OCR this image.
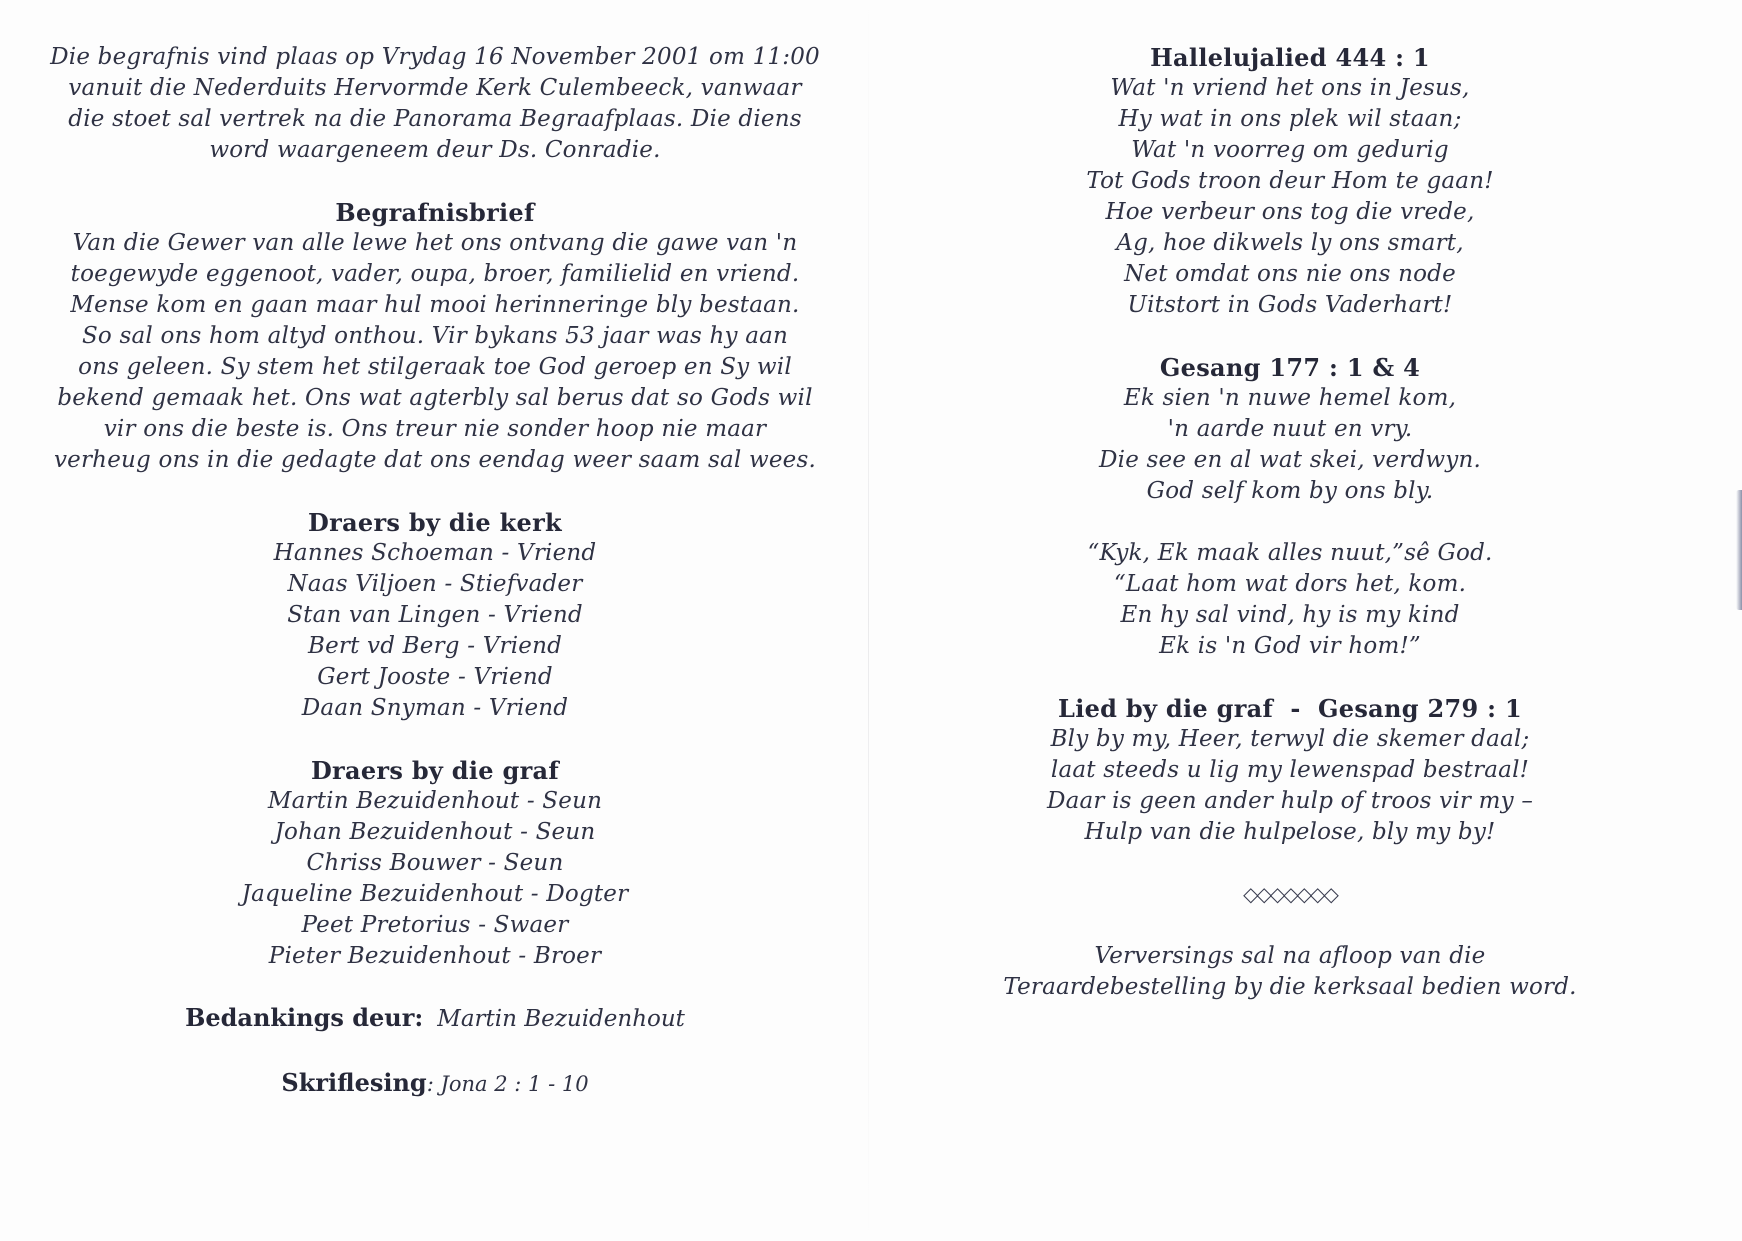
Die begrafnis vind plaas op Vrydag 16 November 2001 om 11:00
vanuit die Nederduits Hervormde Kerk Culembeeck, vanwaar
die stoet sal vertrek na die Panorama Begraafplaas. Die diens
word waargeneem deur Ds. Conradie.
Begrafnisbrief
Van die Gewer van alle lewe het ons ontvang die gawe van 'n
toegewyde eggenoot, vader, oupa, broer, familielid en vriend.
Mense kom en gaan maar hul mooi herinneringe bly bestaan.
So sal ons hom altyd onthou. Vir bykans 53 jaar was hy aan
ons geleen. Sy stem het stilgeraak toe God geroep en Sy wil
bekend gemaak het. Ons wat agterbly sal berus dat so Gods wil
vir ons die beste is. Ons treur nie sonder hoop nie maar
verheug ons in die gedagte dat ons eendag weer saam sal wees.
Draers by die kerk
Hannes Schoeman - Vriend
Naas Viljoen - Stiefvader
Stan van Lingen - Vriend
Bert vd Berg - Vriend
Gert Jooste - Vriend
Daan Snyman - Vriend
Draers by die graf
Martin Bezuidenhout - Seun
Johan Bezuidenhout - Seun
Chriss Bouwer - Seun
Jaqueline Bezuidenhout - Dogter
Peet Pretorius - Swaer
Pieter Bezuidenhout - Broer
Bedankings deur: Martin Bezuidenhout
Skriflesing: Jona 2 : 1 - 10
Hallelujalied 444 : 1
Wat 'n vriend het ons in Jesus,
Hy wat in ons plek wil staan;
Wat 'n voorreg om gedurig
Tot Gods troon deur Hom te gaan!
Hoe verbeur ons tog die vrede,
Ag, hoe dikwels ly ons smart,
Net omdat ons nie ons node
Uitstort in Gods Vaderhart!
Gesang 177 : 1 & 4
Ek sien 'n nuwe hemel kom,
'n aarde nuut en vry.
Die see en al wat skei, verdwyn.
God self kom by ons bly.
“Kyk, Ek maak alles nuut,”sê God.
“Laat hom wat dors het, kom.
En hy sal vind, hy is my kind
Ek is 'n God vir hom!”
Lied by die graf  -  Gesang 279 : 1
Bly by my, Heer, terwyl die skemer daal;
laat steeds u lig my lewenspad bestraal!
Daar is geen ander hulp of troos vir my –
Hulp van die hulpelose, bly my by!
◇◇◇◇◇◇◇
Verversings sal na afloop van die
Teraardebestelling by die kerksaal bedien word.
